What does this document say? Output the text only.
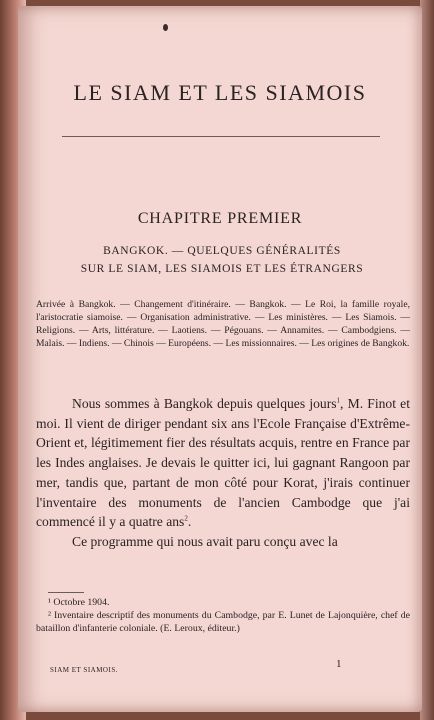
LE SIAM ET LES SIAMOIS
CHAPITRE PREMIER
BANGKOK. — QUELQUES GÉNÉRALITÉS
SUR LE SIAM, LES SIAMOIS ET LES ÉTRANGERS
Arrivée à Bangkok. — Changement d'itinéraire. — Bangkok. — Le Roi, la famille royale, l'aristocratie siamoise. — Organisation administrative. — Les ministères. — Les Siamois. — Religions. — Arts, littérature. — Laotiens. — Pégouans. — Annamites. — Cambodgiens. — Malais. — Indiens. — Chinois — Européens. — Les missionnaires. — Les origines de Bangkok.

Nous sommes à Bangkok depuis quelques jours$^1$, M. Finot et moi. Il vient de diriger pendant six ans l'Ecole Française d'Extrême-Orient et, légitimement fier des résultats acquis, rentre en France par les Indes anglaises. Je devais le quitter ici, lui gagnant Rangoon par mer, tandis que, partant de mon côté pour Korat, j'irais continuer l'inventaire des monuments de l'ancien Cambodge que j'ai commencé il y a quatre ans$^2$.

Ce programme qui nous avait paru conçu avec la

¹ Octobre 1904.

² Inventaire descriptif des monuments du Cambodge, par E. Lunet de Lajonquière, chef de bataillon d'infanterie coloniale. (E. Leroux, éditeur.)

SIAM ET SIAMOIS.	1
